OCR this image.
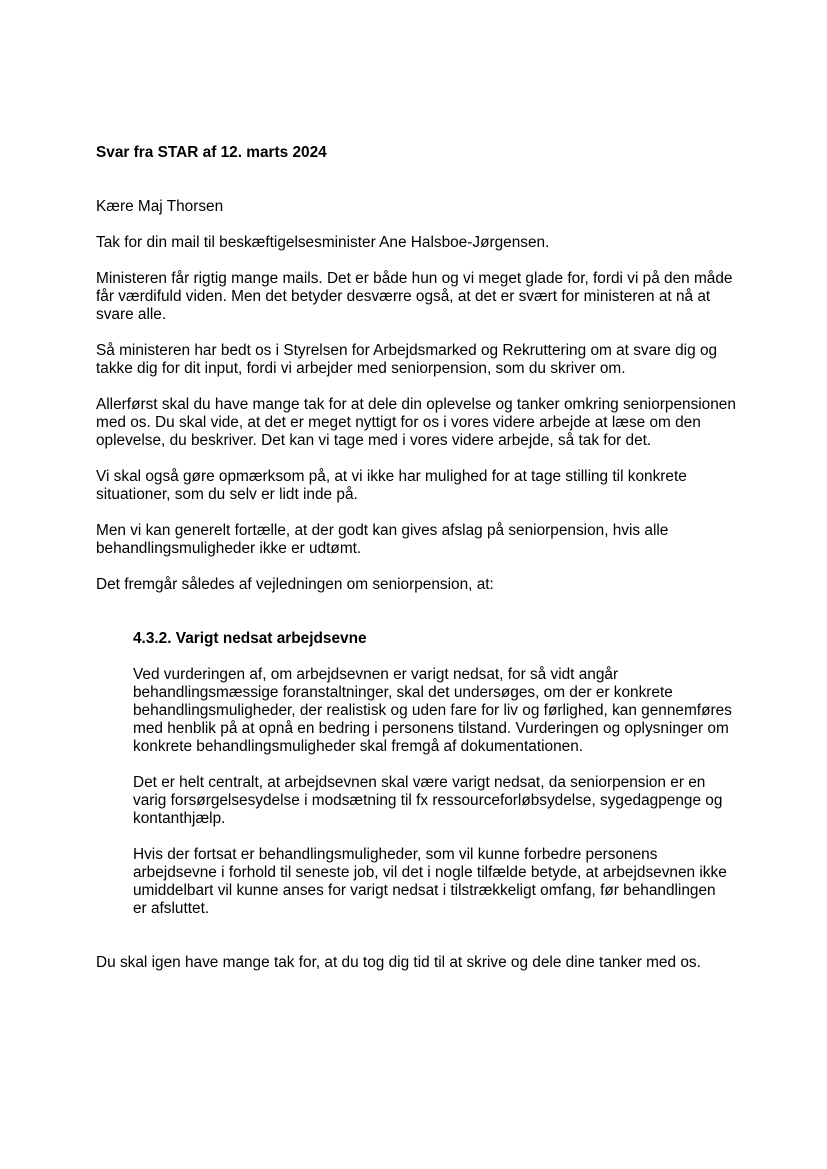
Svar fra STAR af 12. marts 2024

Kære Maj Thorsen

Tak for din mail til beskæftigelsesminister Ane Halsboe-Jørgensen.

Ministeren får rigtig mange mails. Det er både hun og vi meget glade for, fordi vi på den måde får værdifuld viden. Men det betyder desværre også, at det er svært for ministeren at nå at svare alle.

Så ministeren har bedt os i Styrelsen for Arbejdsmarked og Rekruttering om at svare dig og takke dig for dit input, fordi vi arbejder med seniorpension, som du skriver om.

Allerførst skal du have mange tak for at dele din oplevelse og tanker omkring seniorpensionen med os. Du skal vide, at det er meget nyttigt for os i vores videre arbejde at læse om den oplevelse, du beskriver. Det kan vi tage med i vores videre arbejde, så tak for det.

Vi skal også gøre opmærksom på, at vi ikke har mulighed for at tage stilling til konkrete situationer, som du selv er lidt inde på.

Men vi kan generelt fortælle, at der godt kan gives afslag på seniorpension, hvis alle behandlingsmuligheder ikke er udtømt.

Det fremgår således af vejledningen om seniorpension, at:

4.3.2. Varigt nedsat arbejdsevne

Ved vurderingen af, om arbejdsevnen er varigt nedsat, for så vidt angår behandlingsmæssige foranstaltninger, skal det undersøges, om der er konkrete behandlingsmuligheder, der realistisk og uden fare for liv og førlighed, kan gennemføres med henblik på at opnå en bedring i personens tilstand. Vurderingen og oplysninger om konkrete behandlingsmuligheder skal fremgå af dokumentationen.

Det er helt centralt, at arbejdsevnen skal være varigt nedsat, da seniorpension er en varig forsørgelsesydelse i modsætning til fx ressourceforløbsydelse, sygedagpenge og kontanthjælp.

Hvis der fortsat er behandlingsmuligheder, som vil kunne forbedre personens arbejdsevne i forhold til seneste job, vil det i nogle tilfælde betyde, at arbejdsevnen ikke umiddelbart vil kunne anses for varigt nedsat i tilstrækkeligt omfang, før behandlingen er afsluttet.

Du skal igen have mange tak for, at du tog dig tid til at skrive og dele dine tanker med os.
